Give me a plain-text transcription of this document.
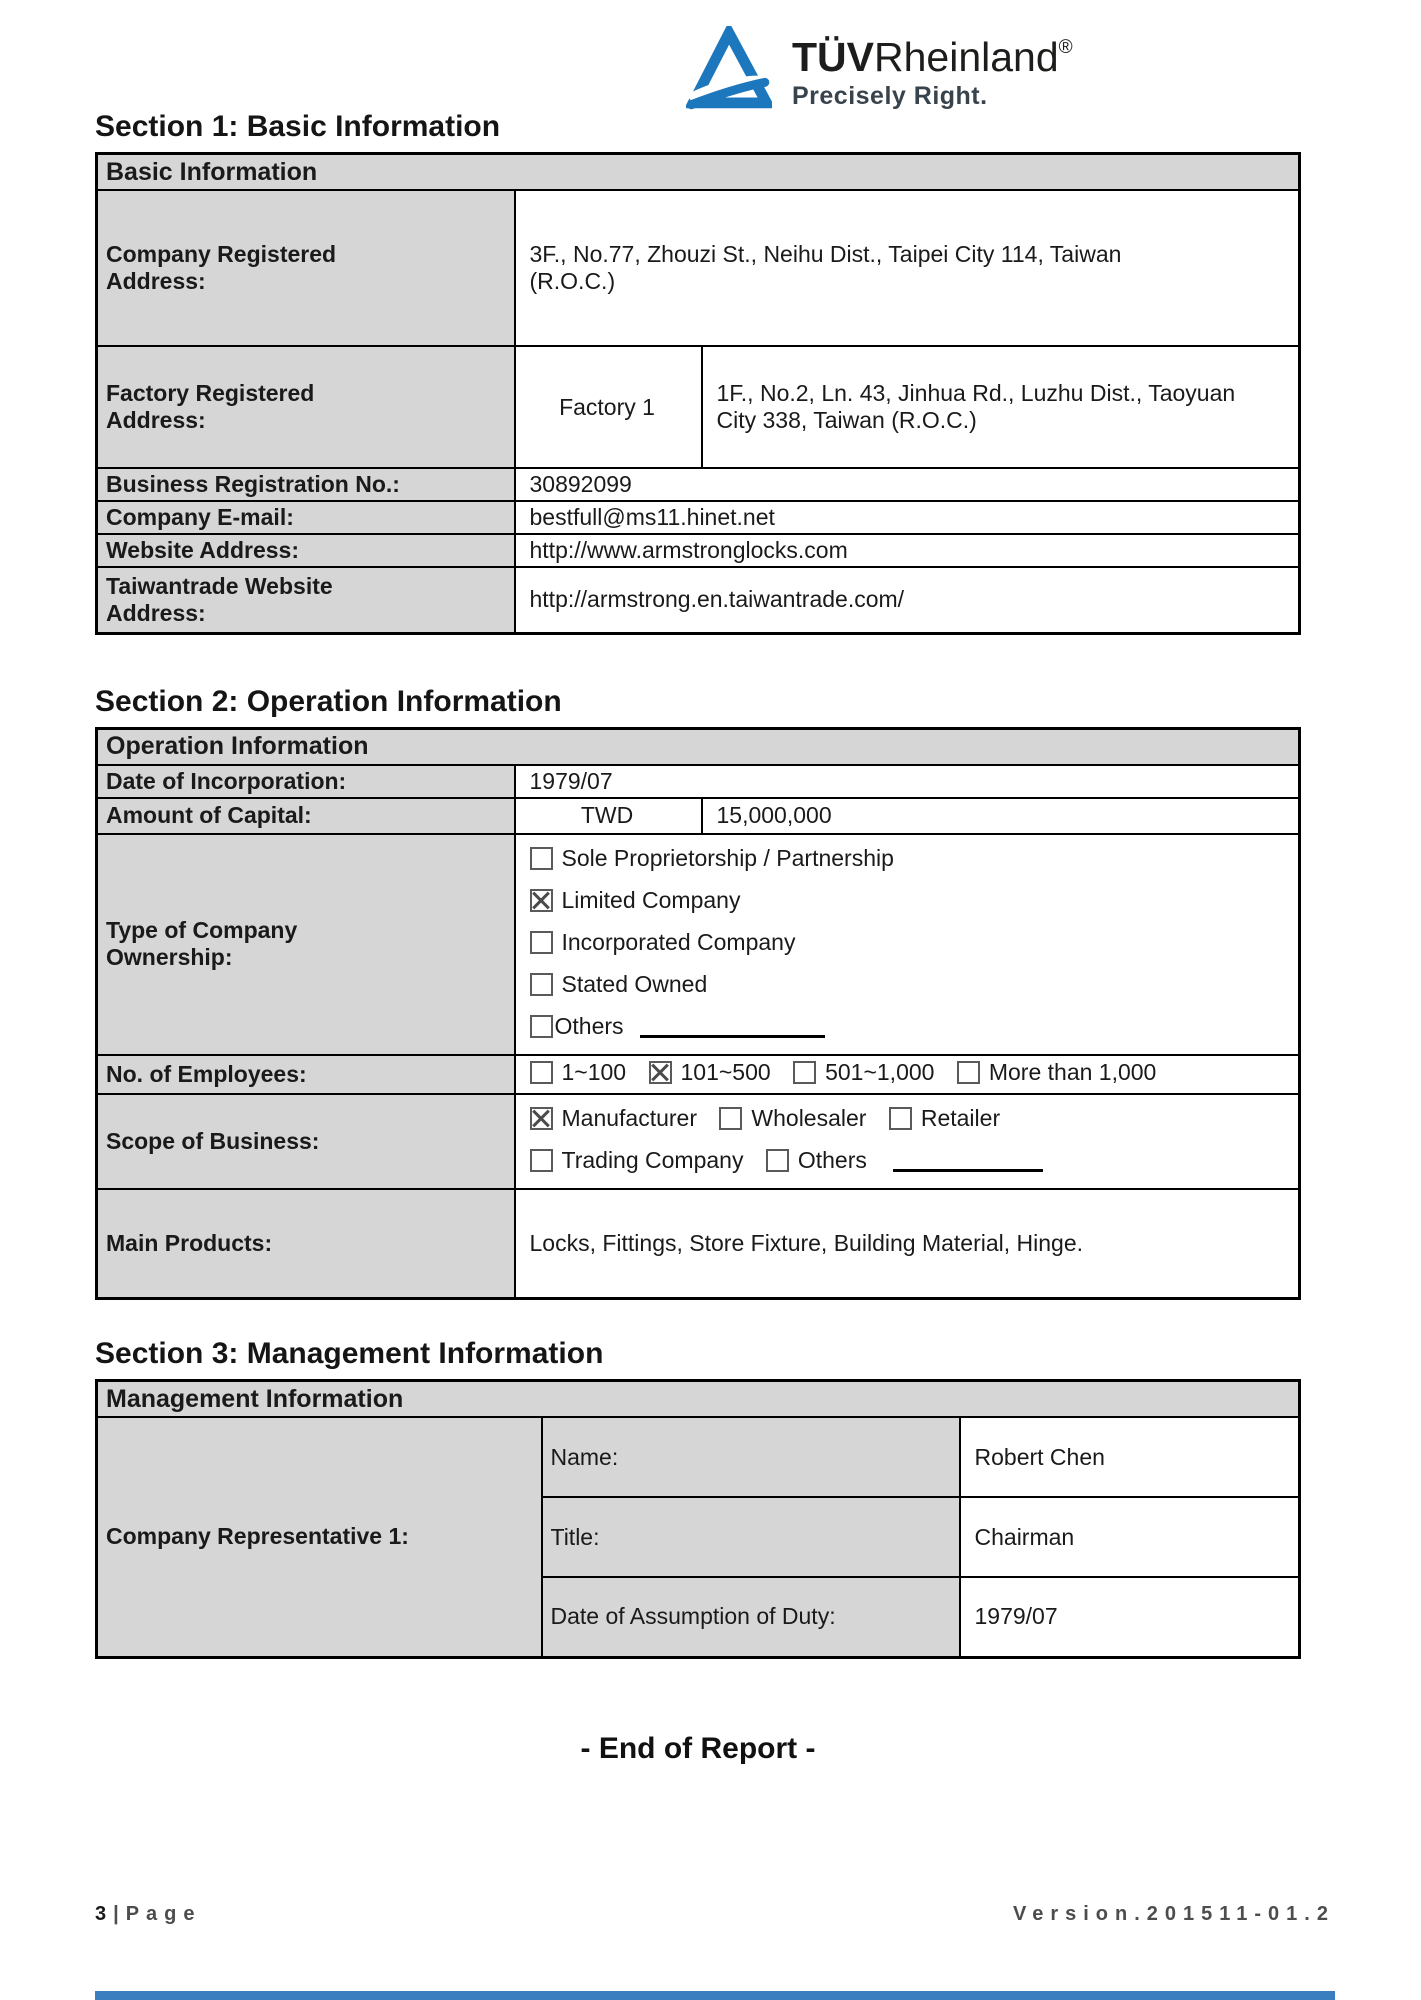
TÜVRheinland®
Precisely Right.
Section 1: Basic Information
Basic Information		
Company Registered Address:	3F., No.77, Zhouzi St., Neihu Dist., Taipei City 114, Taiwan (R.O.C.)	
Factory Registered Address:	Factory 1	1F., No.2, Ln. 43, Jinhua Rd., Luzhu Dist., Taoyuan City 338, Taiwan (R.O.C.)
Business Registration No.:	30892099	
Company E-mail:	bestfull@ms11.hinet.net	
Website Address:	http://www.armstronglocks.com	
Taiwantrade Website Address:	http://armstrong.en.taiwantrade.com/	
Section 2: Operation Information
Operation Information		
Date of Incorporation:	1979/07	
Amount of Capital:	TWD	15,000,000
Type of Company Ownership:	Sole Proprietorship / Partnership
Limited Company
Incorporated Company
Stated Owned
Others	

No. of Employees:	1~100
101~500
501~1,000
More than 1,000	

Scope of Business:	Manufacturer
Wholesaler
Retailer
Trading Company
Others	

Main Products:	Locks, Fittings, Store Fixture, Building Material, Hinge.	
Section 3: Management Information
Management Information		
Company Representative 1:	Name:	Robert Chen
	Title:	Chairman
	Date of Assumption of Duty:	1979/07
- End of Report -
3|Page	Version.201511-01.2
